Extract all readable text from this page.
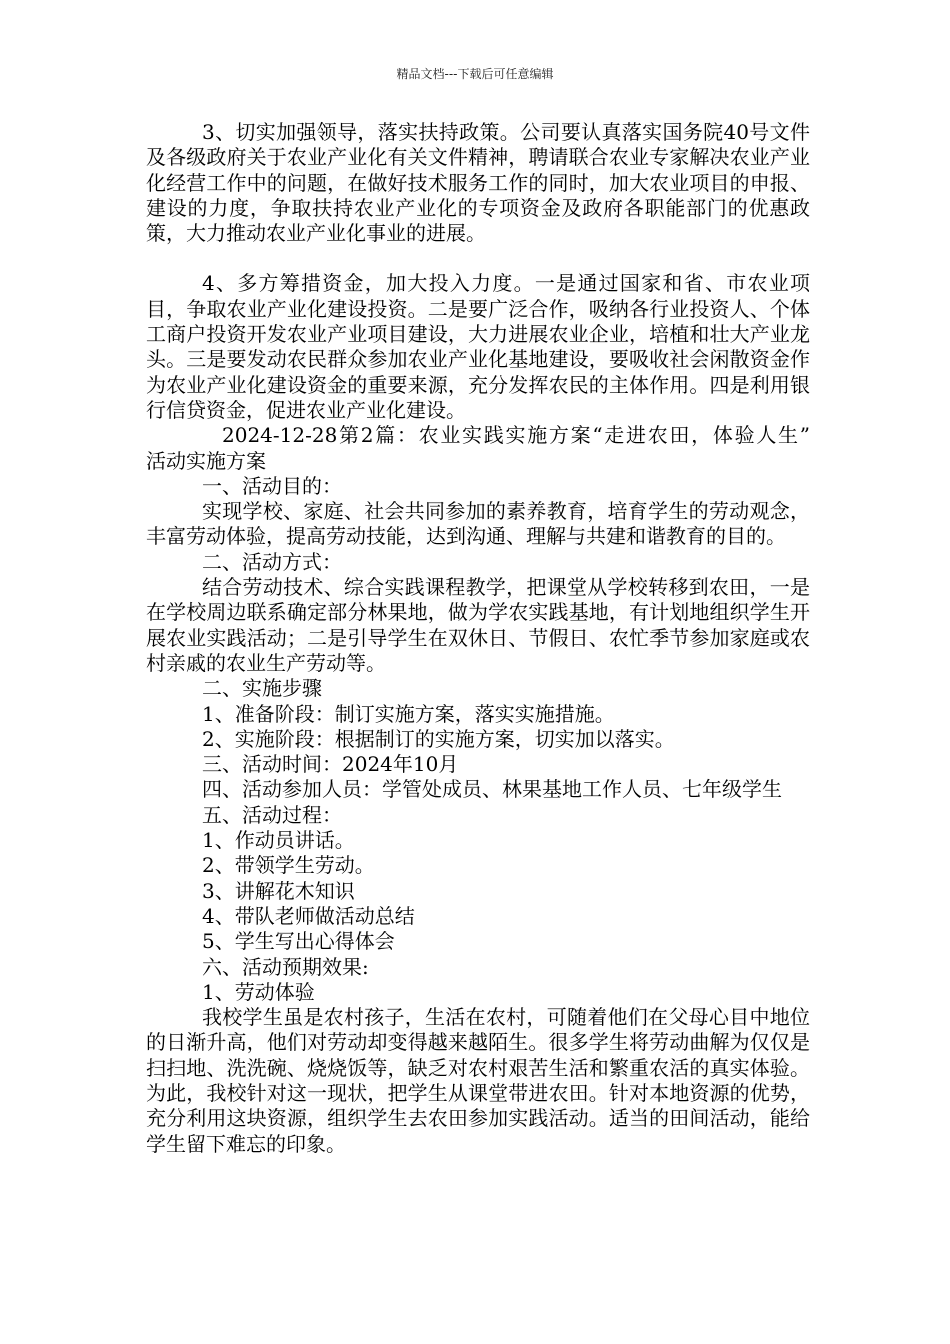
精品文档---下载后可任意编辑

3、切实加强领导，落实扶持政策。公司要认真落实国务院40号文件及各级政府关于农业产业化有关文件精神，聘请联合农业专家解决农业产业化经营工作中的问题，在做好技术服务工作的同时，加大农业项目的申报、建设的力度，争取扶持农业产业化的专项资金及政府各职能部门的优惠政策，大力推动农业产业化事业的进展。

4、多方筹措资金，加大投入力度。一是通过国家和省、市农业项目，争取农业产业化建设投资。二是要广泛合作，吸纳各行业投资人、个体工商户投资开发农业产业项目建设，大力进展农业企业，培植和壮大产业龙头。三是要发动农民群众参加农业产业化基地建设，要吸收社会闲散资金作为农业产业化建设资金的重要来源，充分发挥农民的主体作用。四是利用银行信贷资金，促进农业产业化建设。

2024-12-28第2篇：农业实践实施方案“走进农田，体验人生”　活动实施方案

一、活动目的：

实现学校、家庭、社会共同参加的素养教育，培育学生的劳动观念，丰富劳动体验，提高劳动技能，达到沟通、理解与共建和谐教育的目的。

二、活动方式：

结合劳动技术、综合实践课程教学，把课堂从学校转移到农田，一是在学校周边联系确定部分林果地，做为学农实践基地，有计划地组织学生开展农业实践活动；二是引导学生在双休日、节假日、农忙季节参加家庭或农村亲戚的农业生产劳动等。

二、实施步骤

1、准备阶段：制订实施方案，落实实施措施。

2、实施阶段：根据制订的实施方案，切实加以落实。

三、活动时间：2024年10月

四、活动参加人员：学管处成员、林果基地工作人员、七年级学生

五、活动过程：

1、作动员讲话。

2、带领学生劳动。

3、讲解花木知识

4、带队老师做活动总结

5、学生写出心得体会

六、活动预期效果:

1、劳动体验

我校学生虽是农村孩子，生活在农村，可随着他们在父母心目中地位的日渐升高，他们对劳动却变得越来越陌生。很多学生将劳动曲解为仅仅是扫扫地、洗洗碗、烧烧饭等，缺乏对农村艰苦生活和繁重农活的真实体验。为此，我校针对这一现状，把学生从课堂带进农田。针对本地资源的优势，充分利用这块资源，组织学生去农田参加实践活动。适当的田间活动，能给学生留下难忘的印象。
